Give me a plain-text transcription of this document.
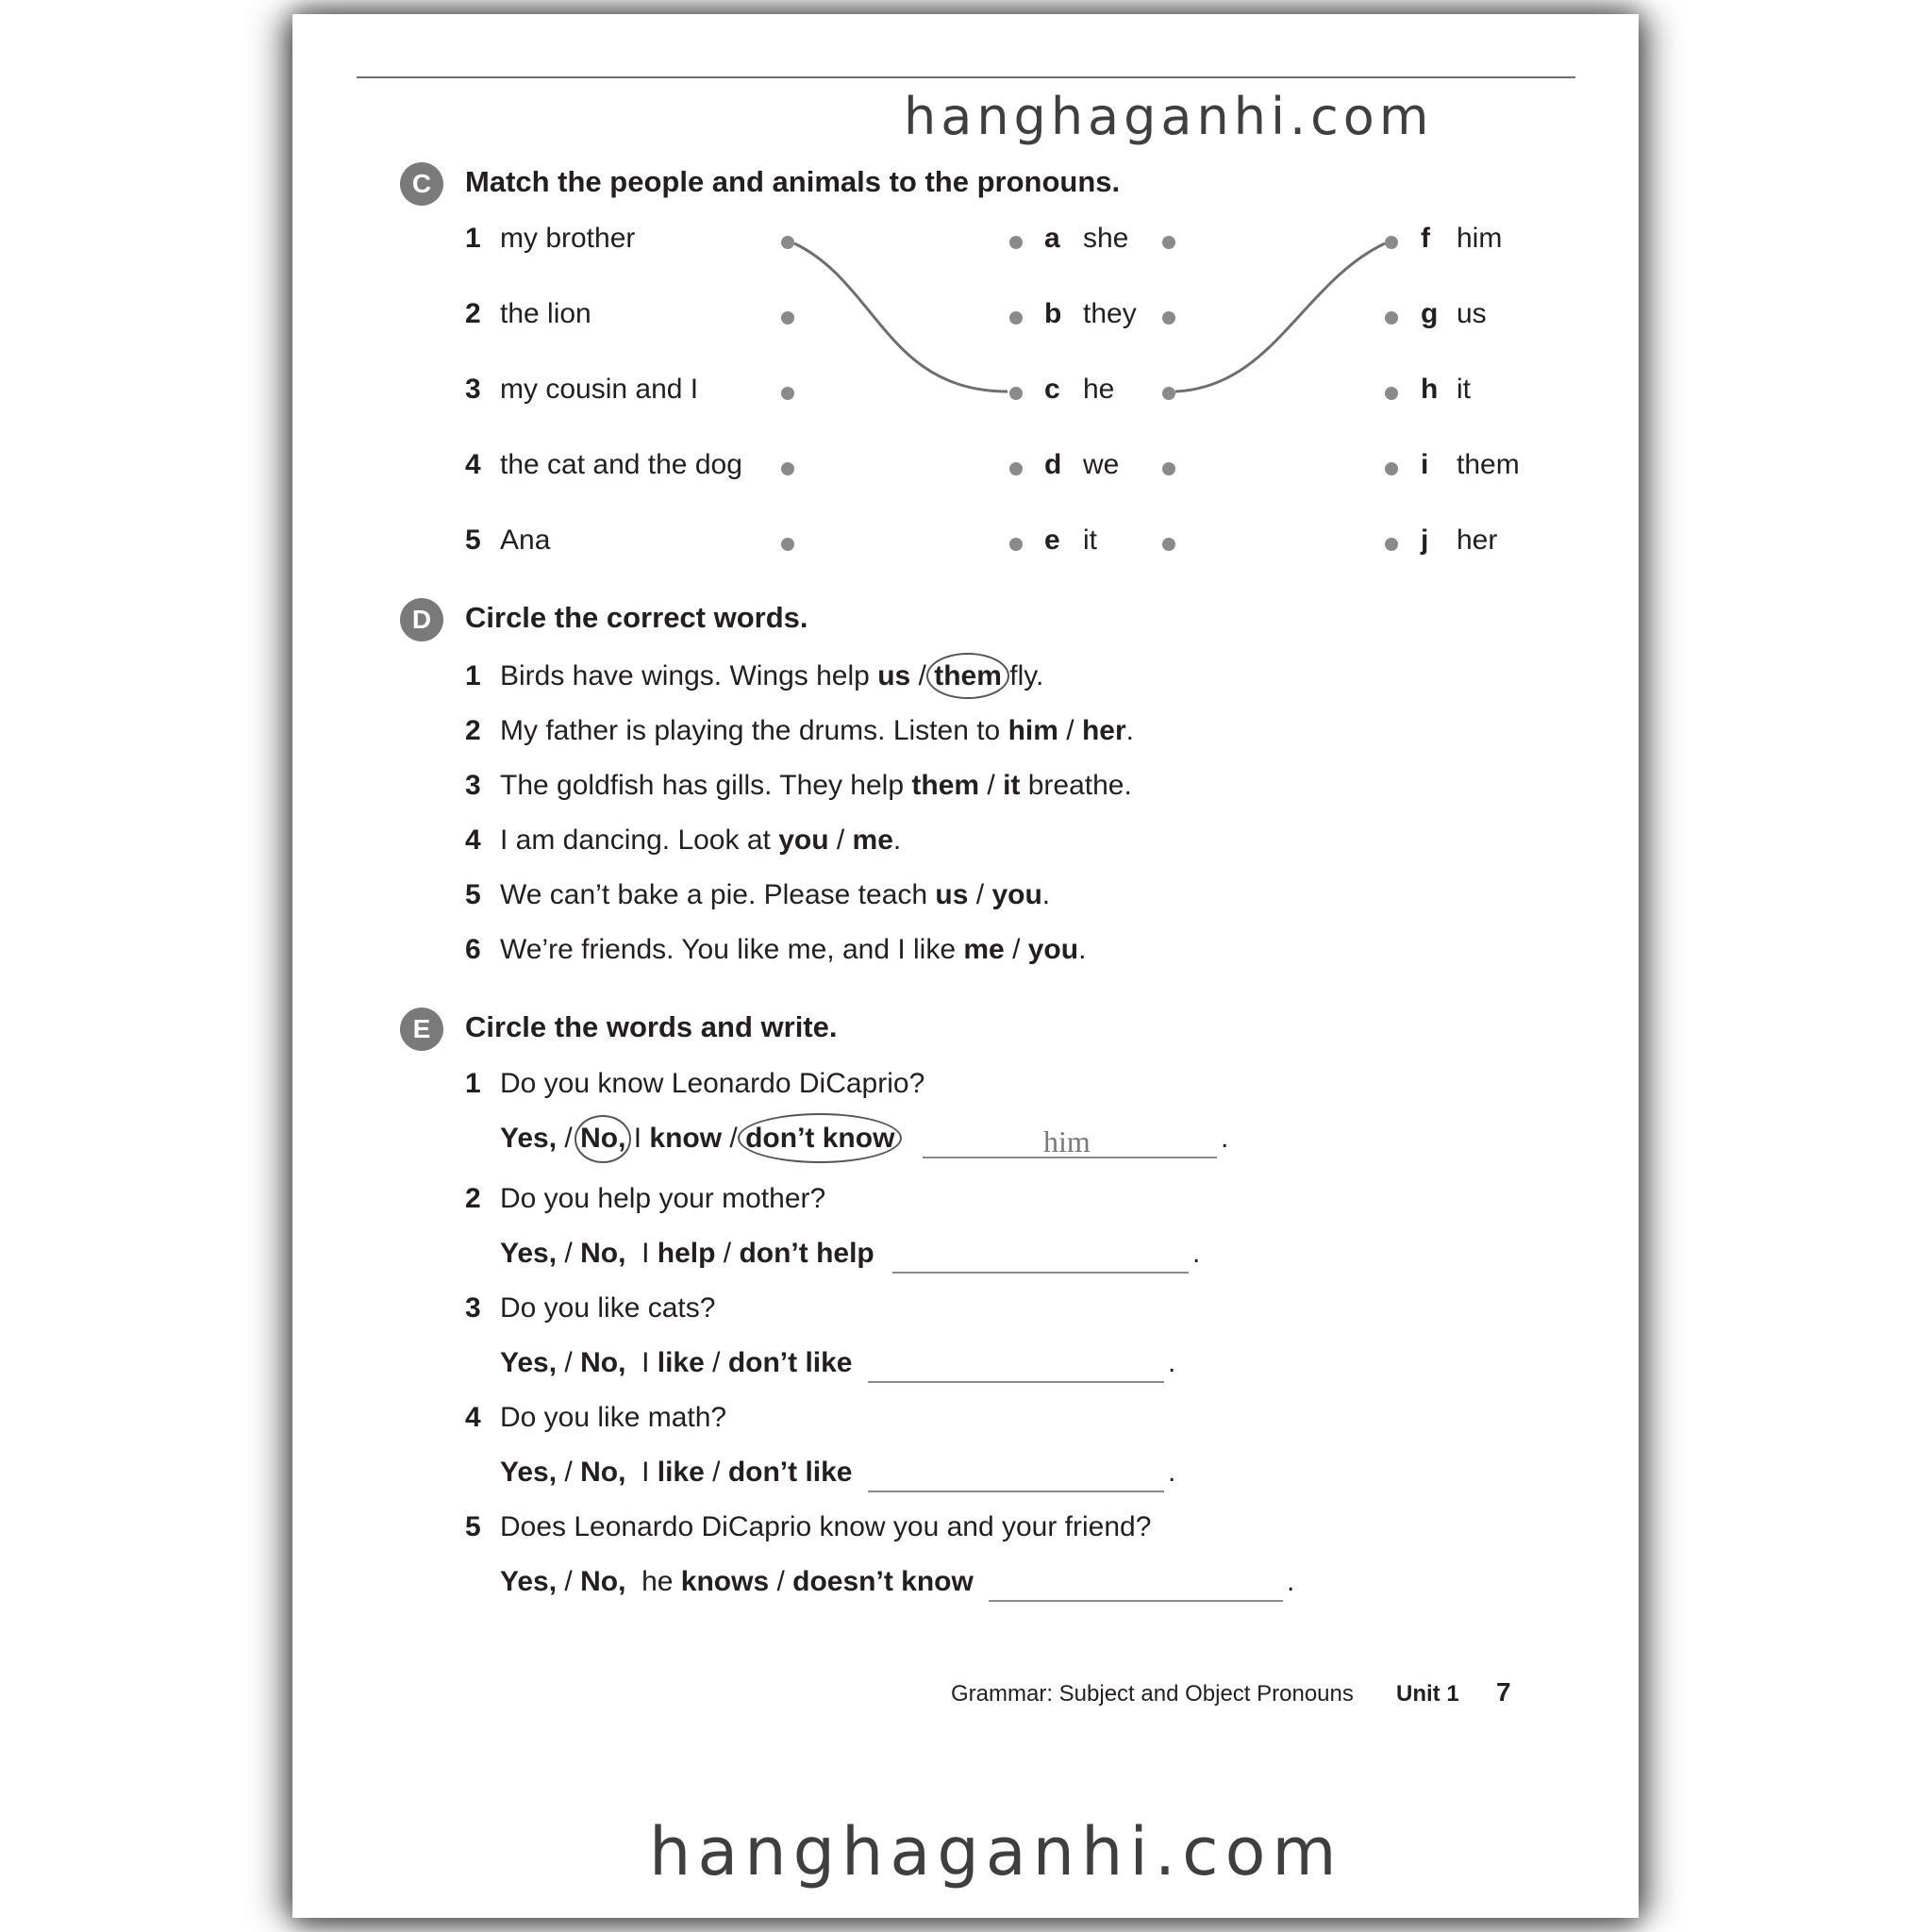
hanghaganhi.com
C	Match the people and animals to the pronouns.
1 my brother
2 the lion
3 my cousin and I
4 the cat and the dog
5 Ana
a she
b they
c he
d we
e it
f him
g us
h it
i them
j her
D	Circle the correct words.
1 Birds have wings. Wings help us / them
fly.
2 My father is playing the drums. Listen to him / her.
3 The goldfish has gills. They help them / it breathe.
4 I am dancing. Look at you / me.
5 We can’t bake a pie. Please teach us / you.
6 We’re friends. You like me, and I like me / you.
E	Circle the words and write.
1 Do you know Leonardo DiCaprio?
Yes, / No,
I know / don’t know	.
him
2 Do you help your mother?
Yes, / No,  I help / don’t help	.
3 Do you like cats?
Yes, / No,  I like / don’t like	.
4 Do you like math?
Yes, / No,  I like / don’t like	.
5 Does Leonardo DiCaprio know you and your friend?
Yes, / No,  he knows / doesn’t know	.
Grammar: Subject and Object Pronouns Unit 1 7
hanghaganhi.com
